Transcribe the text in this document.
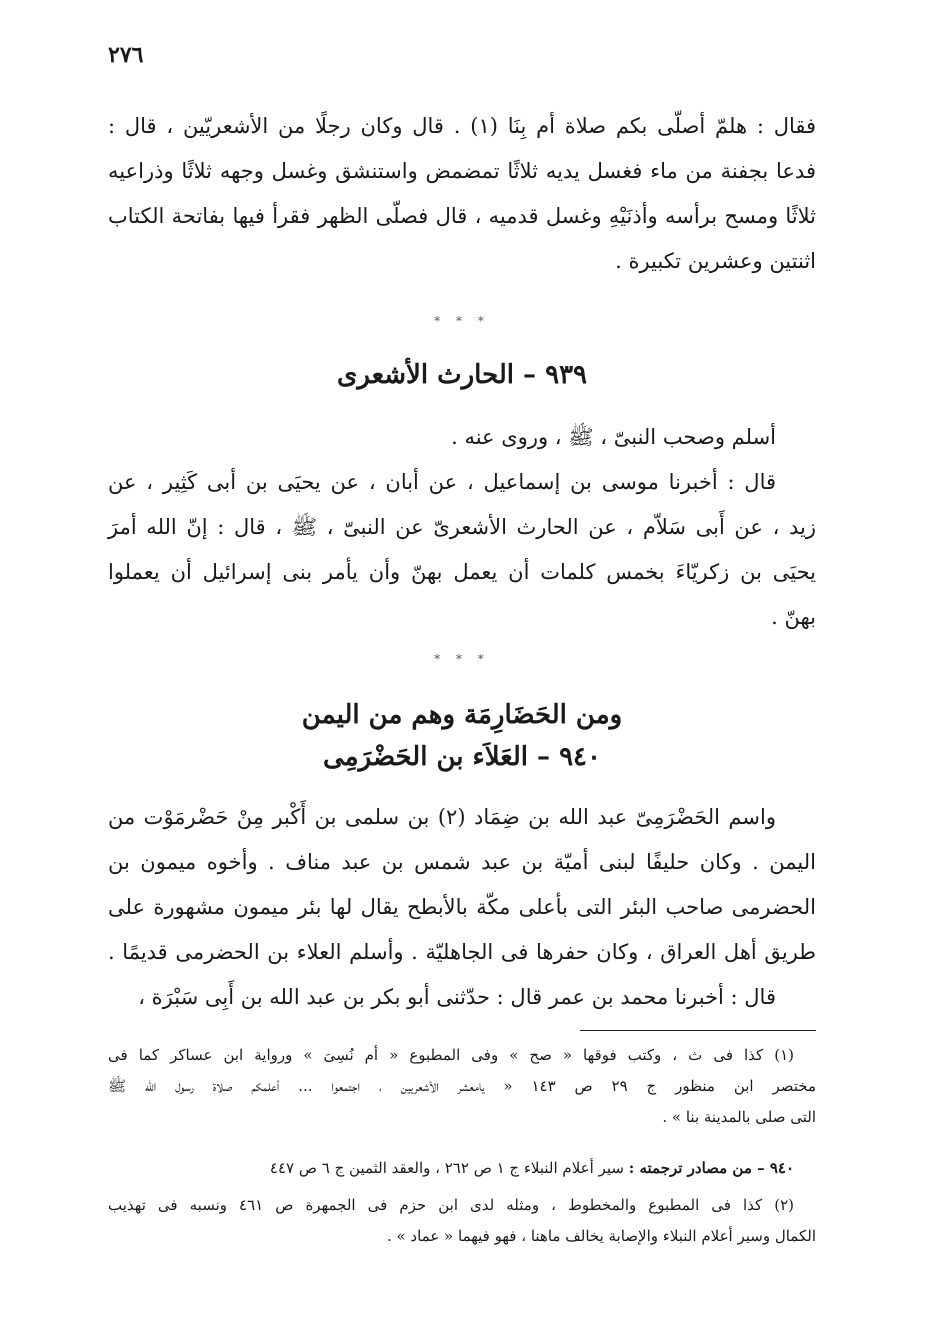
٢٧٦
فقال : هلمّ أصلّى بكم صلاة أم بِنَا (١) . قال وكان رجلًا من الأشعريّين ، قال :
فدعا بجفنة من ماء فغسل يديه ثلاثًا تمضمض واستنشق وغسل وجهه ثلاثًا وذراعيه
ثلاثًا ومسح برأسه وأذنَيْهِ وغسل قدميه ، قال فصلّى الظهر فقرأ فيها بفاتحة الكتاب
اثنتين وعشرين تكبيرة .
* * *
٩٣٩ – الحارث الأشعرى
أسلم وصحب النبىّ ، ﷺ ، وروى عنه .
قال : أخبرنا موسى بن إسماعيل ، عن أبان ، عن يحيَى بن أبى كَثِير ، عن
زيد ، عن أَبى سَلاّم ، عن الحارث الأشعرىّ عن النبىّ ، ﷺ ، قال : إنّ الله أمرَ
يحيَى بن زكريّاءَ بخمس كلمات أن يعمل بهنّ وأن يأمر بنى إسرائيل أن يعملوا
بهنّ .
* * *
ومن الحَضَارِمَة وهم من اليمن
٩٤٠ – العَلاَء بن الحَضْرَمِى
واسم الحَضْرَمِىّ عبد الله بن ضِمَاد (٢) بن سلمى بن أَكْبر مِنْ حَضْرمَوْت من
اليمن . وكان حليفًا لبنى أميّة بن عبد شمس بن عبد مناف . وأخوه ميمون بن
الحضرمى صاحب البئر التى بأعلى مكّة بالأبطح يقال لها بئر ميمون مشهورة على
طريق أهل العراق ، وكان حفرها فى الجاهليّة . وأسلم العلاء بن الحضرمى قديمًا .
قال : أخبرنا محمد بن عمر قال : حدّثنى أبو بكر بن عبد الله بن أَبِى سَبْرَة ،
(١) كذا فى ث ، وكتب فوقها « صح » وفى المطبوع « أم نُسِىَ » ورواية ابن عساكر كما فى
مختصر ابن منظور ج ٢٩ ص ١٤٣ « يامعشر الأشعريين ، اجتمعوا ... أعلمكم صلاة رسول الله ﷺ
التى صلى بالمدينة بنا » .
٩٤٠ – من مصادر ترجمته : سير أعلام النبلاء ج ١ ص ٢٦٢ ، والعقد الثمين ج ٦ ص ٤٤٧
(٢) كذا فى المطبوع والمخطوط ، ومثله لدى ابن حزم فى الجمهرة ص ٤٦١ ونسبه فى تهذيب
الكمال وسير أعلام النبلاء والإصابة يخالف ماهنا ، فهو فيهما « عماد » .
